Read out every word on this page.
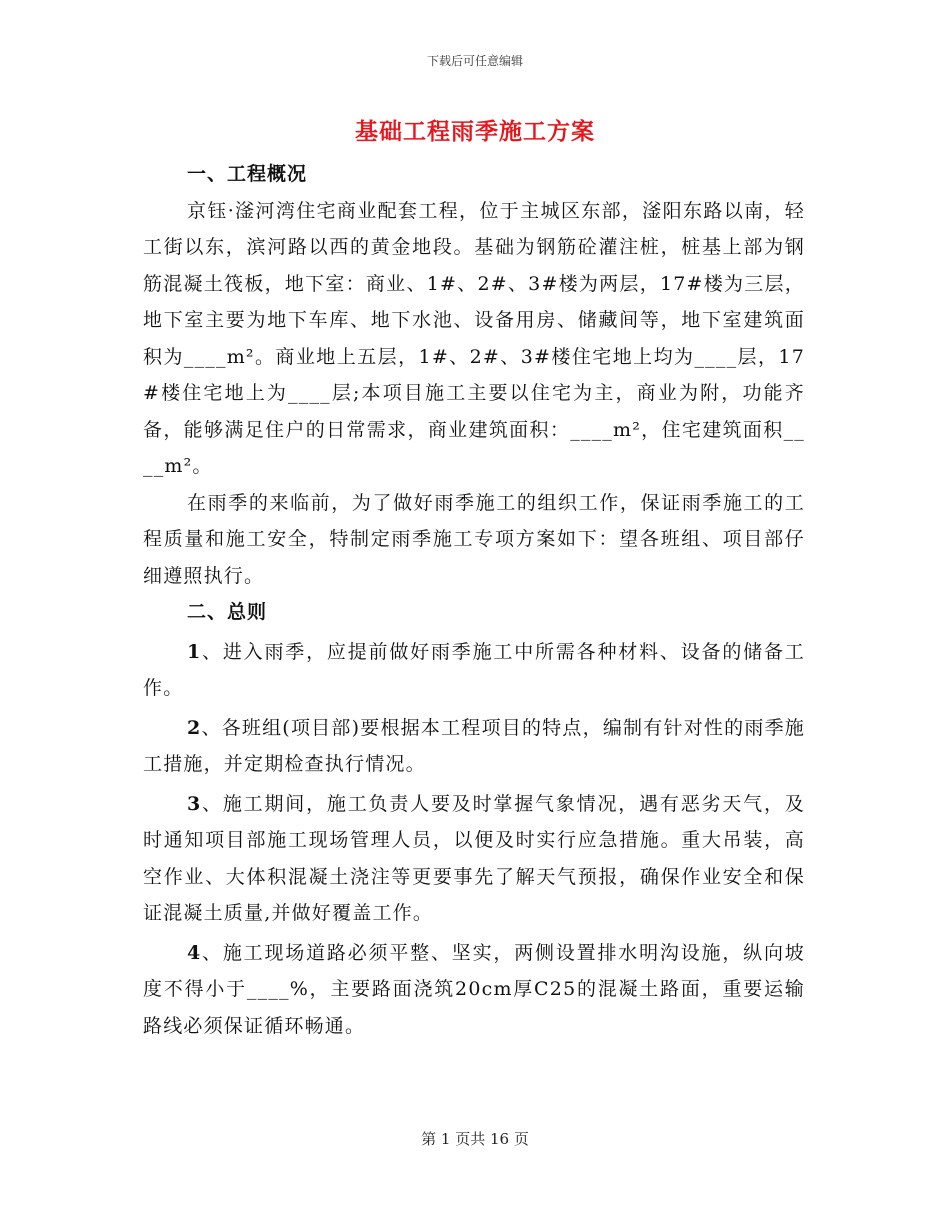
下载后可任意编辑
基础工程雨季施工方案

一、工程概况

京钰·滏河湾住宅商业配套工程，位于主城区东部，滏阳东路以南，轻工街以东，滨河路以西的黄金地段。基础为钢筋砼灌注桩，桩基上部为钢筋混凝土筏板，地下室：商业、1#、2#、3#楼为两层，17#楼为三层，地下室主要为地下车库、地下水池、设备用房、储藏间等，地下室建筑面积为____m²。商业地上五层，1#、2#、3#楼住宅地上均为____层，17#楼住宅地上为____层;本项目施工主要以住宅为主，商业为附，功能齐备，能够满足住户的日常需求，商业建筑面积：____m²，住宅建筑面积____m²。

在雨季的来临前，为了做好雨季施工的组织工作，保证雨季施工的工程质量和施工安全，特制定雨季施工专项方案如下：望各班组、项目部仔细遵照执行。

二、总则

1、进入雨季，应提前做好雨季施工中所需各种材料、设备的储备工作。

2、各班组(项目部)要根据本工程项目的特点，编制有针对性的雨季施工措施，并定期检查执行情况。

3、施工期间，施工负责人要及时掌握气象情况，遇有恶劣天气，及时通知项目部施工现场管理人员，以便及时实行应急措施。重大吊装，高空作业、大体积混凝土浇注等更要事先了解天气预报，确保作业安全和保证混凝土质量,并做好覆盖工作。

4、施工现场道路必须平整、坚实，两侧设置排水明沟设施，纵向坡度不得小于____%，主要路面浇筑20cm厚C25的混凝土路面，重要运输路线必须保证循环畅通。

第 1 页共 16 页
